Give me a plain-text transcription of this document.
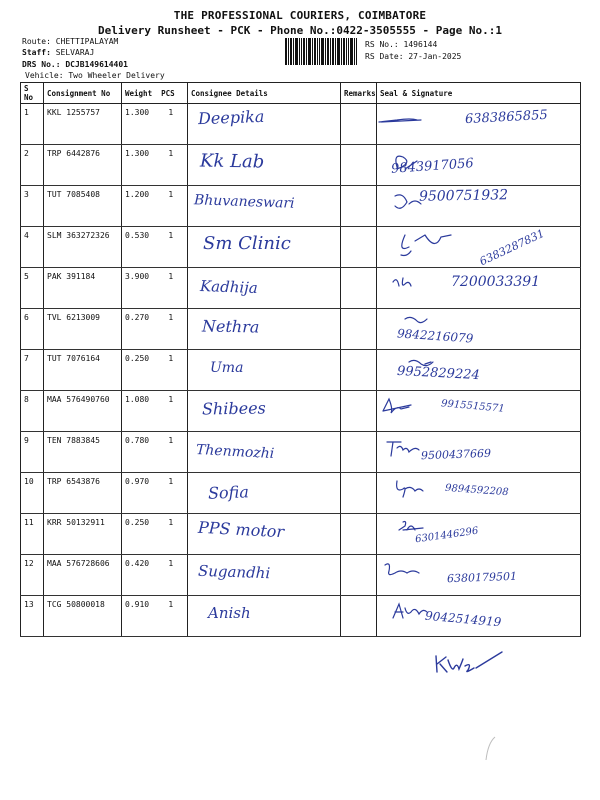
THE PROFESSIONAL COURIERS, COIMBATORE
Delivery Runsheet - PCK - Phone No.:0422-3505555 - Page No.:1
Route: CHETTIPALAYAM
Staff: SELVARAJ
DRS No.: DCJB149614401
Vehicle: Two Wheeler Delivery
RS No.: 1496144
RS Date: 27-Jan-2025
S No	Consignment No	Weight PCS	Consignee Details	Remarks	Seal & Signature
1	KKL 1255757	1.300 1	Deepika		6383865855

2	TRP 6442876	1.300 1	Kk Lab		9843917056

3	TUT 7085408	1.200 1	Bhuvaneswari		9500751932

4	SLM 363272326	0.530 1	Sm Clinic		6383287831

5	PAK 391184	3.900 1	Kadhija		7200033391

6	TVL 6213009	0.270 1	Nethra		9842216079

7	TUT 7076164	0.250 1	Uma		9952829224

8	MAA 576490760	1.080 1	Shibees		9915515571

9	TEN 7883845	0.780 1	Thenmozhi		9500437669

10	TRP 6543876	0.970 1	Sofia		9894592208

11	KRR 50132911	0.250 1	PPS motor		6301446296

12	MAA 576728606	0.420 1	Sugandhi		6380179501

13	TCG 50800018	0.910 1	Anish		9042514919
